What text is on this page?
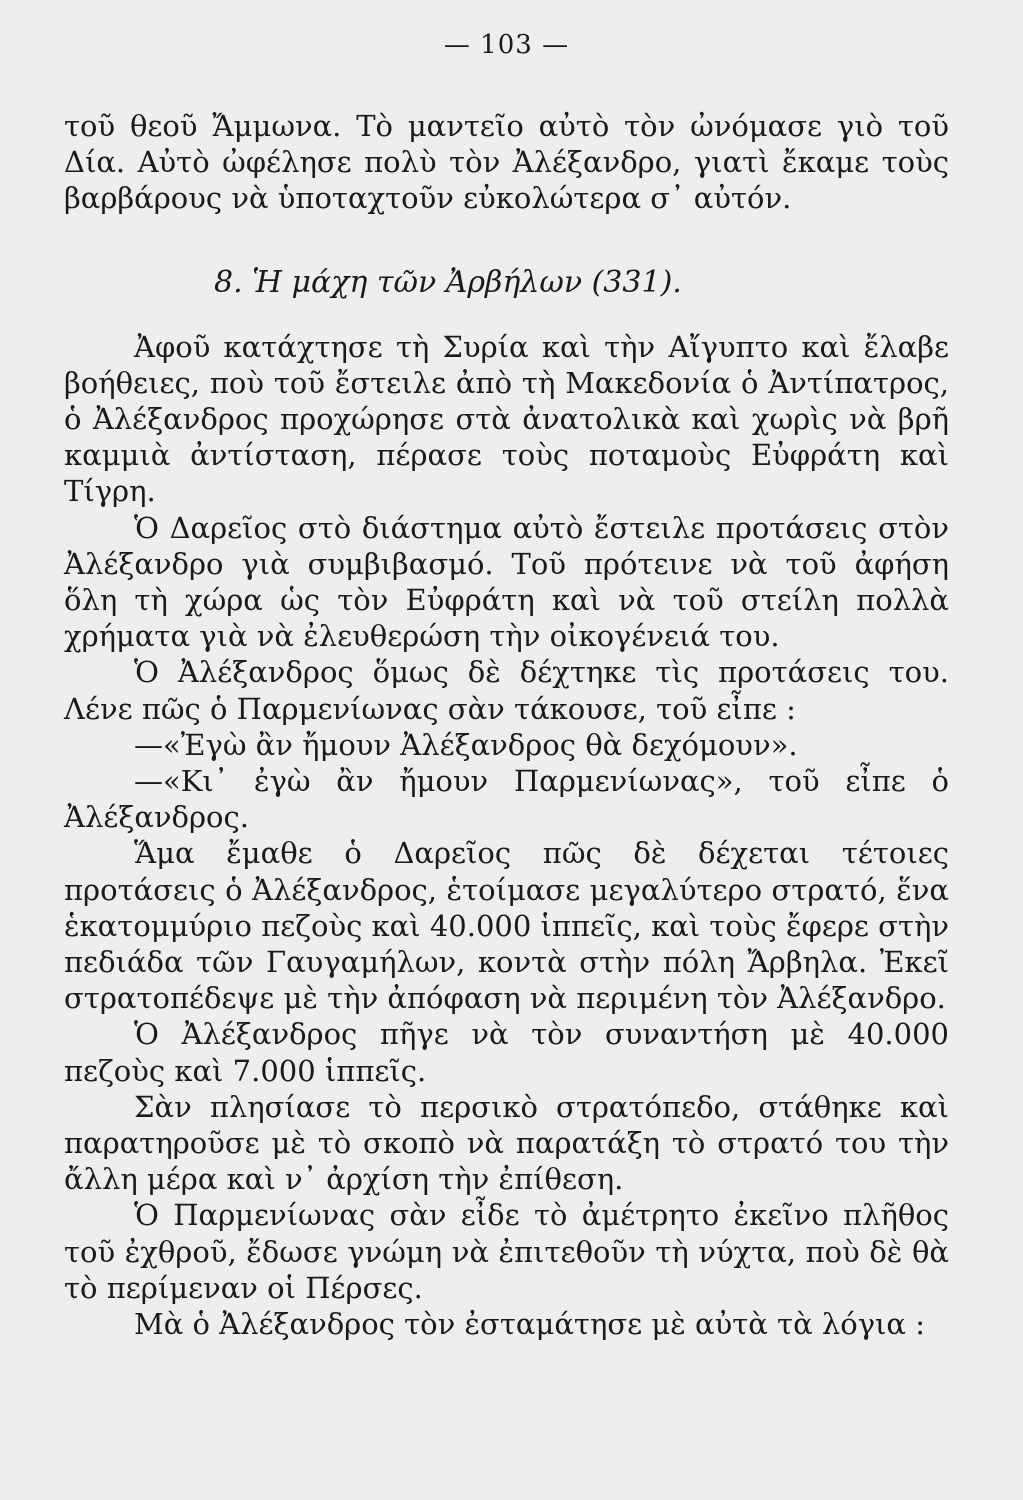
— 103 —

τοῦ θεοῦ Ἄμμωνα. Τὸ μαντεῖο αὐτὸ τὸν ὠνόμασε γιὸ τοῦ Δία. Αὐτὸ ὠφέλησε πολὺ τὸν Ἀλέξανδρο, γιατὶ ἔκαμε τοὺς βαρβάρους νὰ ὑποταχτοῦν εὐκολώτερα σ᾿ αὐτόν.

8. Ἡ μάχη τῶν Ἀρβήλων (331).

Ἀφοῦ κατάχτησε τὴ Συρία καὶ τὴν Αἴγυπτο καὶ ἔλαβε βοήθειες, ποὺ τοῦ ἔστειλε ἀπὸ τὴ Μακεδονία ὁ Ἀντίπατρος, ὁ Ἀλέξανδρος προχώρησε στὰ ἀνατολικὰ καὶ χωρὶς νὰ βρῆ καμμιὰ ἀντίσταση, πέρασε τοὺς ποταμοὺς Εὐφράτη καὶ Τίγρη.

Ὁ Δαρεῖος στὸ διάστημα αὐτὸ ἔστειλε προτάσεις στὸν Ἀλέξανδρο γιὰ συμβιβασμό. Τοῦ πρότεινε νὰ τοῦ ἀφήση ὅλη τὴ χώρα ὡς τὸν Εὐφράτη καὶ νὰ τοῦ στείλη πολλὰ χρήματα γιὰ νὰ ἐλευθερώση τὴν οἰκογένειά του.

Ὁ Ἀλέξανδρος ὅμως δὲ δέχτηκε τὶς προτάσεις του. Λένε πῶς ὁ Παρμενίωνας σὰν τάκουσε, τοῦ εἶπε :

—«Ἐγὼ ἂν ἤμουν Ἀλέξανδρος θὰ δεχόμουν».

—«Κι᾿ ἐγὼ ἂν ἤμουν Παρμενίωνας», τοῦ εἶπε ὁ Ἀλέξανδρος.

Ἅμα ἔμαθε ὁ Δαρεῖος πῶς δὲ δέχεται τέτοιες προτάσεις ὁ Ἀλέξανδρος, ἑτοίμασε μεγαλύτερο στρατό, ἕνα ἑκατομμύριο πεζοὺς καὶ 40.000 ἱππεῖς, καὶ τοὺς ἔφερε στὴν πεδιάδα τῶν Γαυγαμήλων, κοντὰ στὴν πόλη Ἄρβηλα. Ἐκεῖ στρατοπέδεψε μὲ τὴν ἀπόφαση νὰ περιμένη τὸν Ἀλέξανδρο.

Ὁ Ἀλέξανδρος πῆγε νὰ τὸν συναντήση μὲ 40.000 πεζοὺς καὶ 7.000 ἱππεῖς.

Σὰν πλησίασε τὸ περσικὸ στρατόπεδο, στάθηκε καὶ παρατηροῦσε μὲ τὸ σκοπὸ νὰ παρατάξη τὸ στρατό του τὴν ἄλλη μέρα καὶ ν᾿ ἀρχίση τὴν ἐπίθεση.

Ὁ Παρμενίωνας σὰν εἶδε τὸ ἀμέτρητο ἐκεῖνο πλῆθος τοῦ ἐχθροῦ, ἔδωσε γνώμη νὰ ἐπιτεθοῦν τὴ νύχτα, ποὺ δὲ θὰ τὸ περίμεναν οἱ Πέρσες.

Μὰ ὁ Ἀλέξανδρος τὸν ἐσταμάτησε μὲ αὐτὰ τὰ λόγια :
